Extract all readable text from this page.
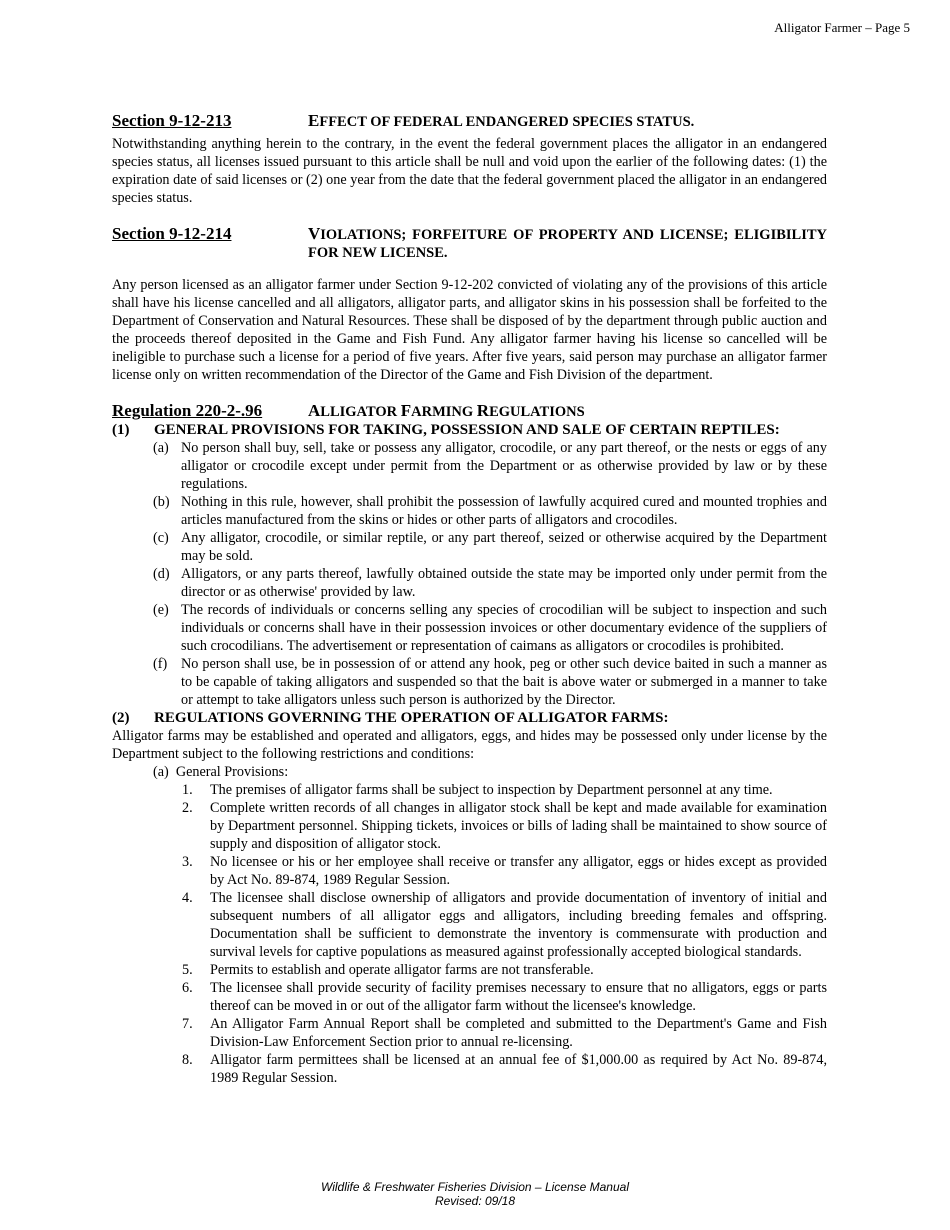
Alligator Farmer – Page 5
Section 9-12-213	EFFECT OF FEDERAL ENDANGERED SPECIES STATUS.

Notwithstanding anything herein to the contrary, in the event the federal government places the alligator in an endangered species status, all licenses issued pursuant to this article shall be null and void upon the earlier of the following dates: (1) the expiration date of said licenses or (2) one year from the date that the federal government placed the alligator in an endangered species status.

Section 9-12-214	VIOLATIONS; FORFEITURE OF PROPERTY AND LICENSE; ELIGIBILITY FOR NEW LICENSE.

Any person licensed as an alligator farmer under Section 9-12-202 convicted of violating any of the provisions of this article shall have his license cancelled and all alligators, alligator parts, and alligator skins in his possession shall be forfeited to the Department of Conservation and Natural Resources. These shall be disposed of by the department through public auction and the proceeds thereof deposited in the Game and Fish Fund. Any alligator farmer having his license so cancelled will be ineligible to purchase such a license for a period of five years. After five years, said person may purchase an alligator farmer license only on written recommendation of the Director of the Game and Fish Division of the department.

Regulation 220-2-.96	ALLIGATOR FARMING REGULATIONS
(1)	GENERAL PROVISIONS FOR TAKING, POSSESSION AND SALE OF CERTAIN REPTILES:
(a) No person shall buy, sell, take or possess any alligator, crocodile, or any part thereof, or the nests or eggs of any alligator or crocodile except under permit from the Department or as otherwise provided by law or by these regulations.
(b) Nothing in this rule, however, shall prohibit the possession of lawfully acquired cured and mounted trophies and articles manufactured from the skins or hides or other parts of alligators and crocodiles.
(c) Any alligator, crocodile, or similar reptile, or any part thereof, seized or otherwise acquired by the Department may be sold.
(d) Alligators, or any parts thereof, lawfully obtained outside the state may be imported only under permit from the director or as otherwise' provided by law.
(e) The records of individuals or concerns selling any species of crocodilian will be subject to inspection and such individuals or concerns shall have in their possession invoices or other documentary evidence of the suppliers of such crocodilians. The advertisement or representation of caimans as alligators or crocodiles is prohibited.
(f) No person shall use, be in possession of or attend any hook, peg or other such device baited in such a manner as to be capable of taking alligators and suspended so that the bait is above water or submerged in a manner to take or attempt to take alligators unless such person is authorized by the Director.
(2)	REGULATIONS GOVERNING THE OPERATION OF ALLIGATOR FARMS:

Alligator farms may be established and operated and alligators, eggs, and hides may be possessed only under license by the Department subject to the following restrictions and conditions:

(a)  General Provisions:
1.	The premises of alligator farms shall be subject to inspection by Department personnel at any time.
2.	Complete written records of all changes in alligator stock shall be kept and made available for examination by Department personnel. Shipping tickets, invoices or bills of lading shall be maintained to show source of supply and disposition of alligator stock.
3.	No licensee or his or her employee shall receive or transfer any alligator, eggs or hides except as provided by Act No. 89-874, 1989 Regular Session.
4.	The licensee shall disclose ownership of alligators and provide documentation of inventory of initial and subsequent numbers of all alligator eggs and alligators, including breeding females and offspring. Documentation shall be sufficient to demonstrate the inventory is commensurate with production and survival levels for captive populations as measured against professionally accepted biological standards.
5.	Permits to establish and operate alligator farms are not transferable.
6.	The licensee shall provide security of facility premises necessary to ensure that no alligators, eggs or parts thereof can be moved in or out of the alligator farm without the licensee's knowledge.
7.	An Alligator Farm Annual Report shall be completed and submitted to the Department's Game and Fish Division-Law Enforcement Section prior to annual re-licensing.
8.	Alligator farm permittees shall be licensed at an annual fee of $1,000.00 as required by Act No. 89-874, 1989 Regular Session.
Wildlife & Freshwater Fisheries Division – License Manual
Revised: 09/18
